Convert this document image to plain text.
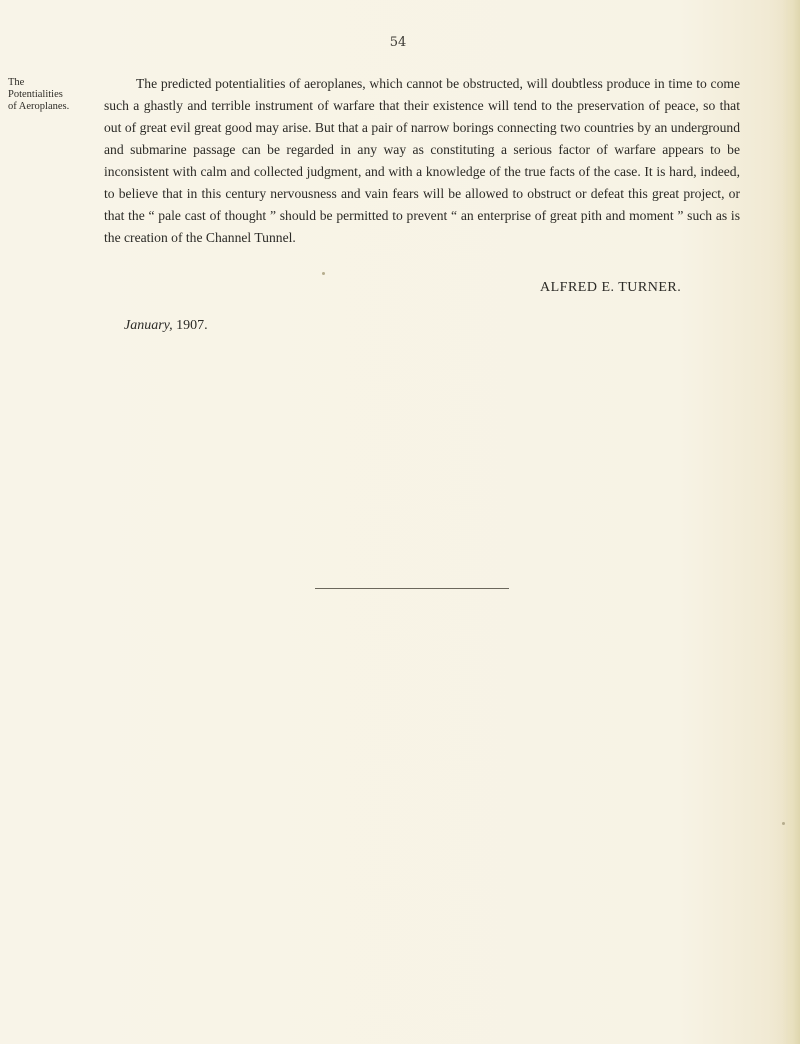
54
The
Potentialities
of Aeroplanes.

The predicted potentialities of aeroplanes, which cannot be obstructed, will doubtless produce in time to come such a ghastly and terrible instrument of warfare that their existence will tend to the preservation of peace, so that out of great evil great good may arise. But that a pair of narrow borings connecting two countries by an underground and submarine passage can be regarded in any way as constituting a serious factor of warfare appears to be inconsistent with calm and collected judgment, and with a knowledge of the true facts of the case. It is hard, indeed, to believe that in this century nervousness and vain fears will be allowed to obstruct or defeat this great project, or that the “ pale cast of thought ” should be permitted to prevent “ an enterprise of great pith and moment ” such as is the creation of the Channel Tunnel.

ALFRED E. TURNER.
January, 1907.
